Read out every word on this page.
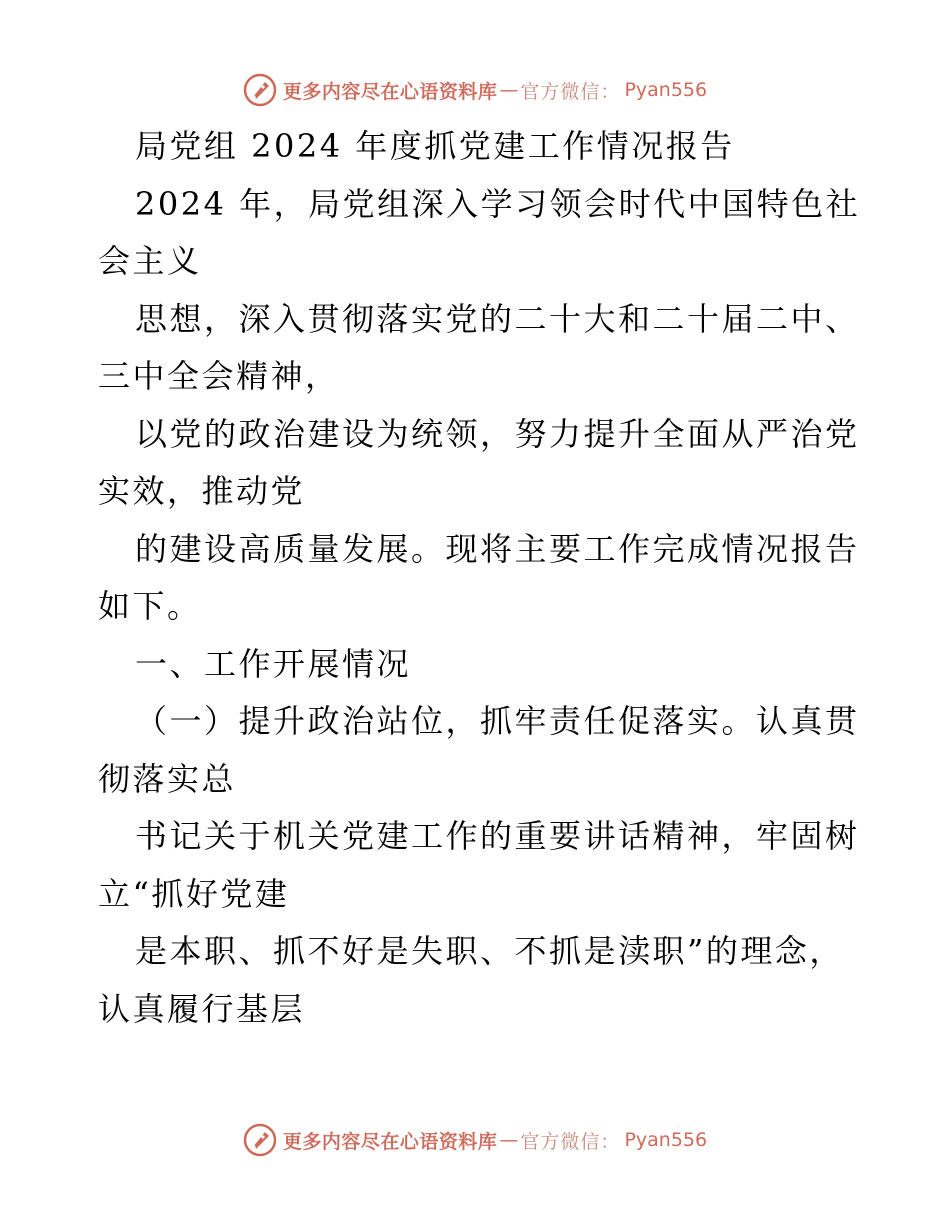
更多内容尽在心语资料库 — 官方微信： Pyan556
局党组 2024 年度抓党建工作情况报告
2024 年，局党组深入学习领会时代中国特色社
会主义
思想，深入贯彻落实党的二十大和二十届二中、
三中全会精神，
以党的政治建设为统领，努力提升全面从严治党
实效，推动党
的建设高质量发展。现将主要工作完成情况报告
如下。
一、工作开展情况
（一）提升政治站位，抓牢责任促落实。认真贯
彻落实总
书记关于机关党建工作的重要讲话精神，牢固树
立“抓好党建
是本职、抓不好是失职、不抓是渎职”的理念，
认真履行基层
更多内容尽在心语资料库 — 官方微信： Pyan556
